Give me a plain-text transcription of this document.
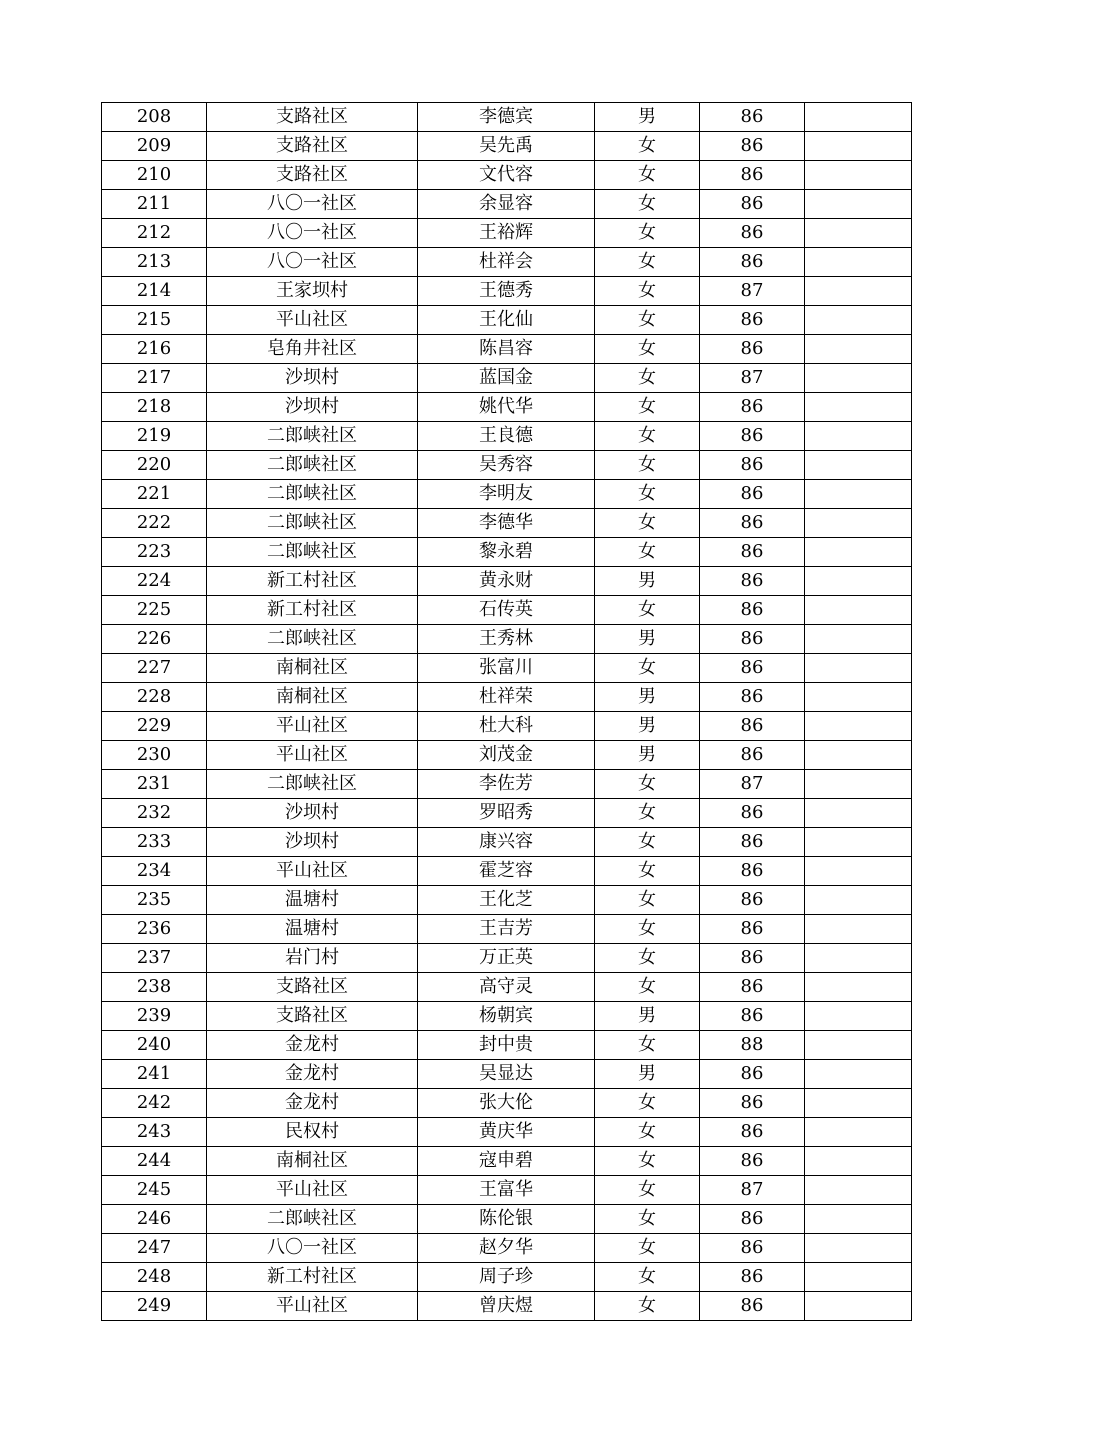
208	支路社区	李德宾	男	86	
209	支路社区	吴先禹	女	86	
210	支路社区	文代容	女	86	
211	八〇一社区	余显容	女	86	
212	八〇一社区	王裕辉	女	86	
213	八〇一社区	杜祥会	女	86	
214	王家坝村	王德秀	女	87	
215	平山社区	王化仙	女	86	
216	皂角井社区	陈昌容	女	86	
217	沙坝村	蓝国金	女	87	
218	沙坝村	姚代华	女	86	
219	二郎峡社区	王良德	女	86	
220	二郎峡社区	吴秀容	女	86	
221	二郎峡社区	李明友	女	86	
222	二郎峡社区	李德华	女	86	
223	二郎峡社区	黎永碧	女	86	
224	新工村社区	黄永财	男	86	
225	新工村社区	石传英	女	86	
226	二郎峡社区	王秀林	男	86	
227	南桐社区	张富川	女	86	
228	南桐社区	杜祥荣	男	86	
229	平山社区	杜大科	男	86	
230	平山社区	刘茂金	男	86	
231	二郎峡社区	李佐芳	女	87	
232	沙坝村	罗昭秀	女	86	
233	沙坝村	康兴容	女	86	
234	平山社区	霍芝容	女	86	
235	温塘村	王化芝	女	86	
236	温塘村	王吉芳	女	86	
237	岩门村	万正英	女	86	
238	支路社区	高守灵	女	86	
239	支路社区	杨朝宾	男	86	
240	金龙村	封中贵	女	88	
241	金龙村	吴显达	男	86	
242	金龙村	张大伦	女	86	
243	民权村	黄庆华	女	86	
244	南桐社区	寇申碧	女	86	
245	平山社区	王富华	女	87	
246	二郎峡社区	陈伦银	女	86	
247	八〇一社区	赵夕华	女	86	
248	新工村社区	周子珍	女	86	
249	平山社区	曾庆煜	女	86	
